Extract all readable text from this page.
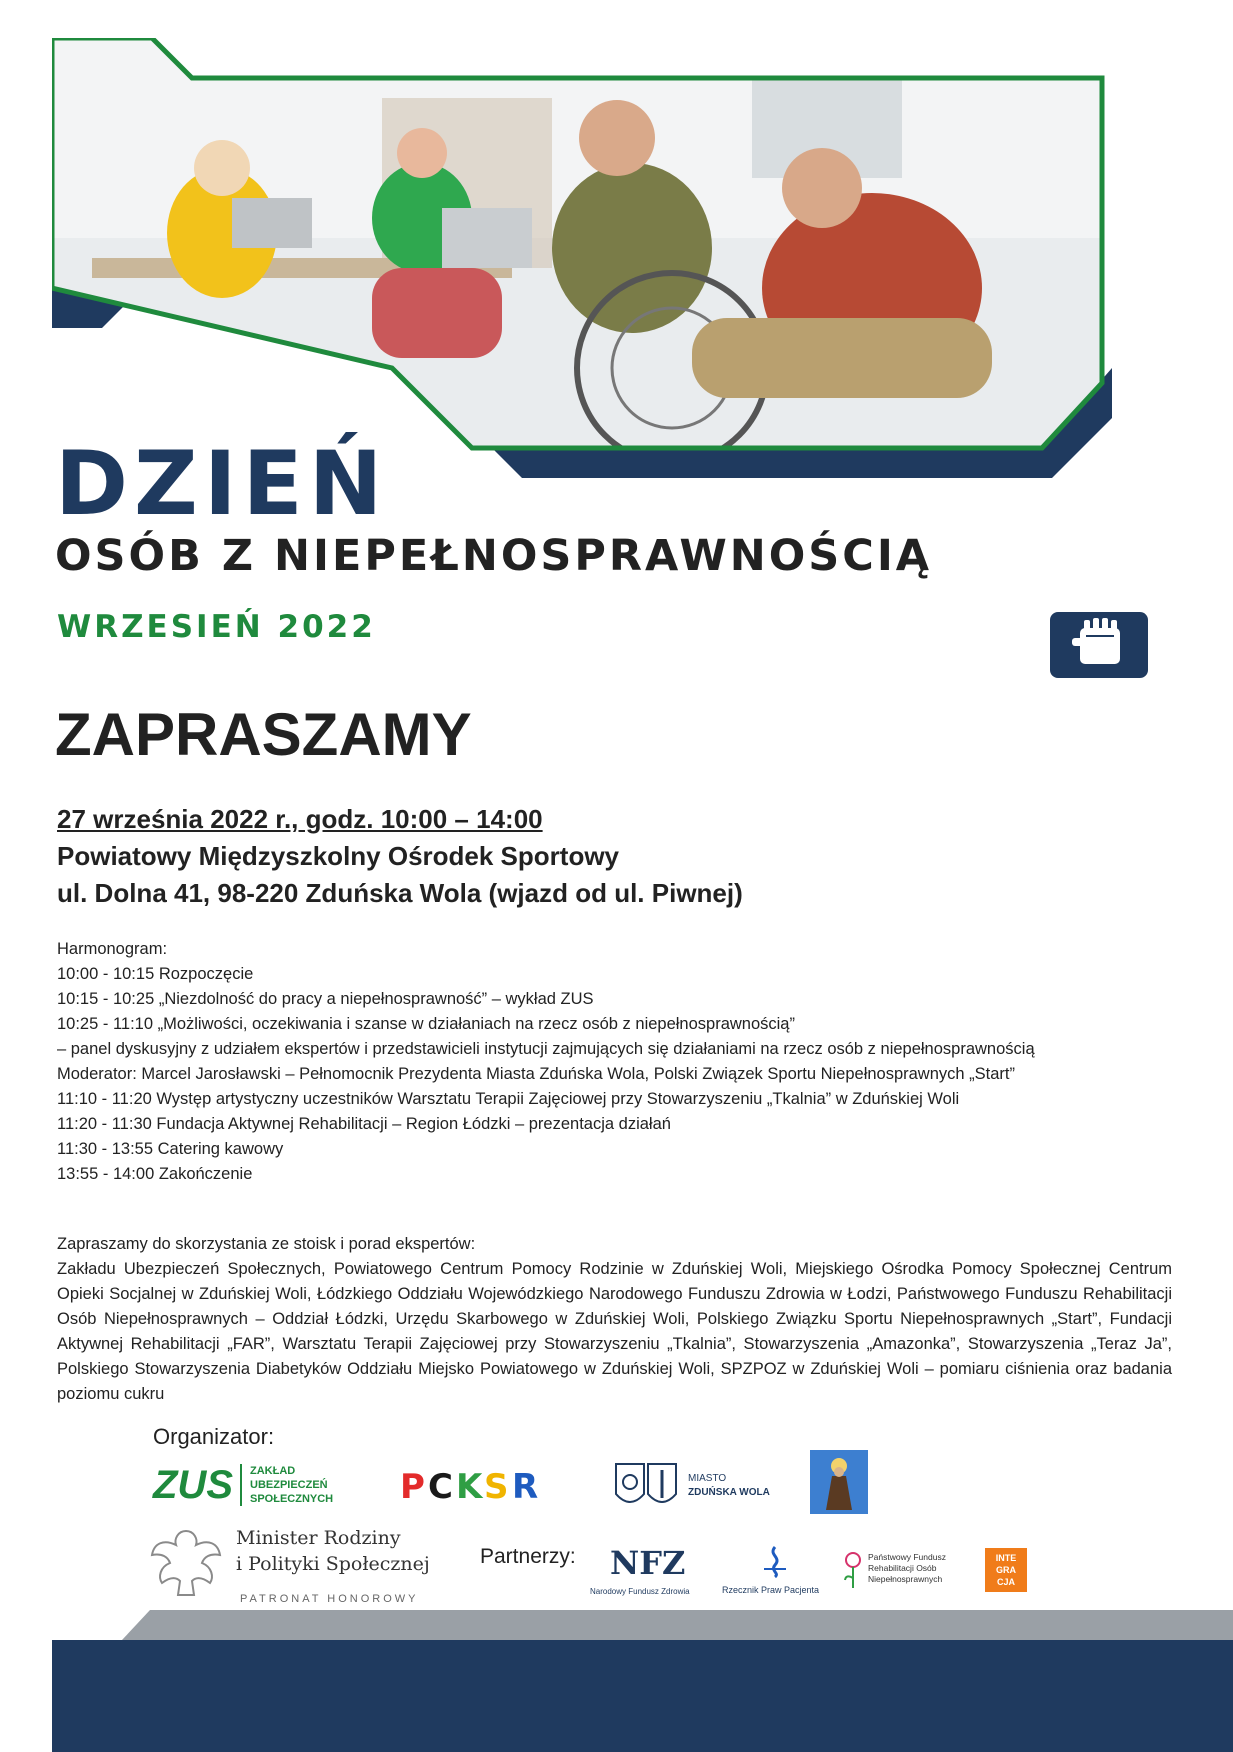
DZIEŃ
OSÓB Z NIEPEŁNOSPRAWNOŚCIĄ
WRZESIEŃ 2022
ZAPRASZAMY
27 września 2022 r., godz. 10:00 – 14:00
Powiatowy Międzyszkolny Ośrodek Sportowy
ul. Dolna 41, 98-220 Zduńska Wola (wjazd od ul. Piwnej)
Harmonogram:
10:00 - 10:15 Rozpoczęcie
10:15 - 10:25 „Niezdolność do pracy a niepełnosprawność” – wykład ZUS
10:25 - 11:10 „Możliwości, oczekiwania i szanse w działaniach na rzecz osób z niepełnosprawnością”
– panel dyskusyjny z udziałem ekspertów i przedstawicieli instytucji zajmujących się działaniami na rzecz osób z niepełnosprawnością
Moderator: Marcel Jarosławski – Pełnomocnik Prezydenta Miasta Zduńska Wola, Polski Związek Sportu Niepełnosprawnych „Start”
11:10 - 11:20 Występ artystyczny uczestników Warsztatu Terapii Zajęciowej przy Stowarzyszeniu „Tkalnia” w Zduńskiej Woli
11:20 - 11:30 Fundacja Aktywnej Rehabilitacji – Region Łódzki – prezentacja działań
11:30 - 13:55 Catering kawowy
13:55 - 14:00 Zakończenie
Zapraszamy do skorzystania ze stoisk i porad ekspertów:
Zakładu Ubezpieczeń Społecznych, Powiatowego Centrum Pomocy Rodzinie w Zduńskiej Woli, Miejskiego Ośrodka Pomocy Społecznej Centrum Opieki Socjalnej w Zduńskiej Woli, Łódzkiego Oddziału Wojewódzkiego Narodowego Funduszu Zdrowia w Łodzi, Państwowego Funduszu Rehabilitacji Osób Niepełnosprawnych – Oddział Łódzki, Urzędu Skarbowego w Zduńskiej Woli, Polskiego Związku Sportu Niepełnosprawnych „Start”, Fundacji Aktywnej Rehabilitacji „FAR”, Warsztatu Terapii Zajęciowej przy Stowarzyszeniu „Tkalnia”, Stowarzyszenia „Amazonka”, Stowarzyszenia „Teraz Ja”, Polskiego Stowarzyszenia Diabetyków Oddziału Miejsko Powiatowego w Zduńskiej Woli, SPZPOZ w Zduńskiej Woli – pomiaru ciśnienia oraz badania poziomu cukru
Organizator:
ZUS ZAKŁAD
UBEZPIECZEŃ
SPOŁECZNYCH P C K S R	MIASTO
ZDUŃSKA WOLA
Minister Rodziny
i Polityki Społecznej
PATRONAT HONOROWY
Partnerzy: NFZ
Narodowy Fundusz Zdrowia	Rzecznik Praw Pacjenta
Państwowy Fundusz
Rehabilitacji Osób
Niepełnosprawnych
INTE
GRA
CJA
